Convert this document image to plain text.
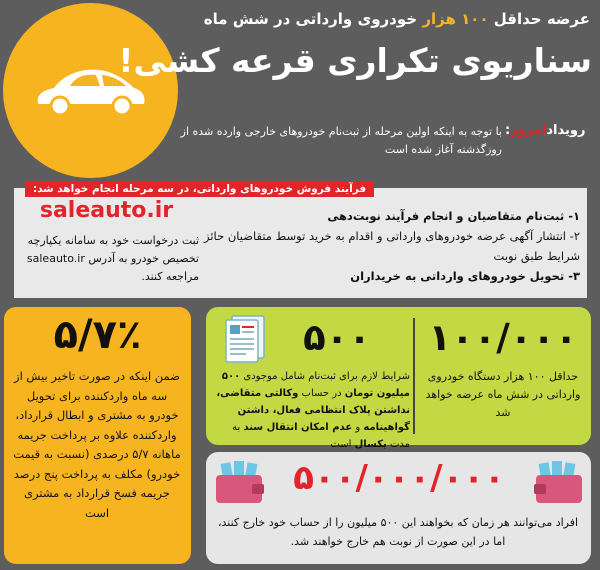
عرضه حداقل ۱۰۰ هزار خودروی وارداتی در شش ماه
سناریوی تکراری قرعه کشی!
رویدادامروز:
با توجه به اینکه اولین مرحله از ثبت‌نام خودروهای خارجی وارده شده از روزگذشته آغاز شده است
فرآیند فروش خودروهای وارداتی، در سه مرحله انجام خواهد شد:
۱- ثبت‌نام متقاضیان و انجام فرآیند نوبت‌دهی
۲- انتشار آگهی عرضه خودروهای وارداتی و اقدام به خرید توسط متقاضیان حائز شرایط طبق نوبت
۳- تحویل خودروهای وارداتی به خریداران
saleauto.ir
ثبت درخواست خود به سامانه یکپارچه تخصیص خودرو به آدرس saleauto.ir مراجعه کنند.
۵/۷٪
ضمن اینکه در صورت تاخیر بیش از سه ماه واردکننده برای تحویل خودرو به مشتری و ابطال قرارداد، واردکننده علاوه بر پرداخت جریمه ماهانه ۵/۷ درصدی (نسبت به قیمت خودرو) مکلف به پرداخت پنج درصد جریمه فسخ قرارداد به مشتری است
۱۰۰/۰۰۰
حداقل ۱۰۰ هزار دستگاه خودروی وارداتی در شش ماه عرضه خواهد شد
۵۰۰
شرایط لازم برای ثبت‌نام شامل موجودی ۵۰۰ میلیون تومان در حساب وکالتی متقاضی، نداشتن پلاک انتظامی فعال، داشتن گواهینامه و عدم امکان انتقال سند به مدت یکسال است
۵۰۰/۰۰۰/۰۰۰
افراد می‌توانند هر زمان که بخواهند این ۵۰۰ میلیون را از حساب خود خارج کنند، اما در این صورت از نوبت هم خارج خواهند شد.
